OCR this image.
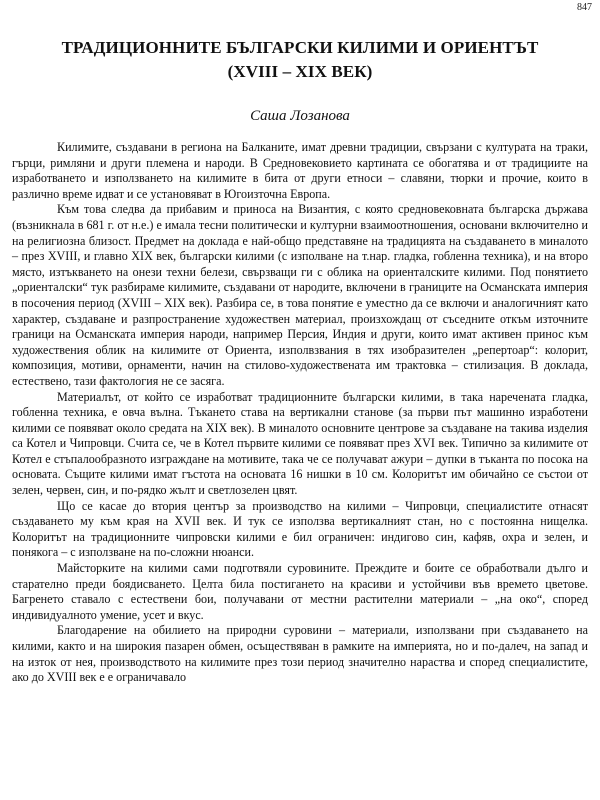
847

ТРАДИЦИОННИТЕ БЪЛГАРСКИ КИЛИМИ И ОРИЕНТЪТ

(XVIII – XIX ВЕК)

Саша Лозанова

Килимите, създавани в региона на Балканите, имат древни традиции, свързани с културата на траки, гърци, римляни и други племена и народи. В Средновековието картината се обогатява и от традициите на изработването и използването на килимите в бита от други етноси – славяни, тюрки и прочие, които в различно време идват и се установяват в Югоизточна Европа.

Към това следва да прибавим и приноса на Византия, с която средновековната българска държава (възникнала в 681 г. от н.е.) е имала тесни политически и културни взаимоотношения, основани включително и на религиозна близост. Предмет на доклада е най-общо представяне на традицията на създаването в миналото – през XVIII, и главно XIX век, български килими (с изполване на т.нар. гладка, гобленна техника), и на второ място, изтъкването на онези техни белези, свързващи ги с облика на ориенталските килими. Под понятието „ориенталски“ тук разбираме килимите, създавани от народите, включени в границите на Османската империя в посочения период (XVIII – XIX век). Разбира се, в това понятие е уместно да се включи и аналогичният като характер, създаване и разпространение художествен материал, произхождащ от съседните откъм източните граници на Османската империя народи, например Персия, Индия и други, които имат активен принос към художествения облик на килимите от Ориента, изполвзвания в тях изобразителен „репертоар“: колорит, композиция, мотиви, орнаменти, начин на стилово-художествената им трактовка – стилизация. В доклада, естествено, тази фактология не се засяга.

Материалът, от който се изработват традиционните български килими, в така наречената гладка, гобленна техника, е овча вълна. Тъкането става на вертикални станове (за първи път машинно изработени килими се появяват около средата на XIX век). В миналото основните центрове за създаване на такива изделия са Котел и Чипровци. Счита се, че в Котел първите килими се появяват през XVI век. Типично за килимите от Котел е стъпалообразното изграждане на мотивите, така че се получават ажури – дупки в тъканта по посока на основата. Същите килими имат гъстота на основата 16 нишки в 10 см. Колоритът им обичайно се състои от зелен, червен, син, и по-рядко жълт и светлозелен цвят.

Що се касае до втория център за производство на килими – Чипровци, специалистите отнасят създаването му към края на XVII век. И тук се използва вертикалният стан, но с постоянна нищелка. Колоритът на традиционните чипровски килими е бил ограничен: индигово син, кафяв, охра и зелен, и понякога – с използване на по-сложни нюанси.

Майсторките на килими сами подготвяли суровините. Преждите и боите се обработвали дълго и старателно преди боядисването. Целта била постигането на красиви и устойчиви във времето цветове. Багренето ставало с естествени бои, получавани от местни растителни материали – „на око“, според индивидуалното умение, усет и вкус.

Благодарение на обилието на природни суровини – материали, използвани при създаването на килими, както и на широкия пазарен обмен, осъществяван в рамките на империята, но и по-далеч, на запад и на изток от нея, производството на килимите през този период значително нараства и според специалистите, ако до XVIII век е е ограничавало
